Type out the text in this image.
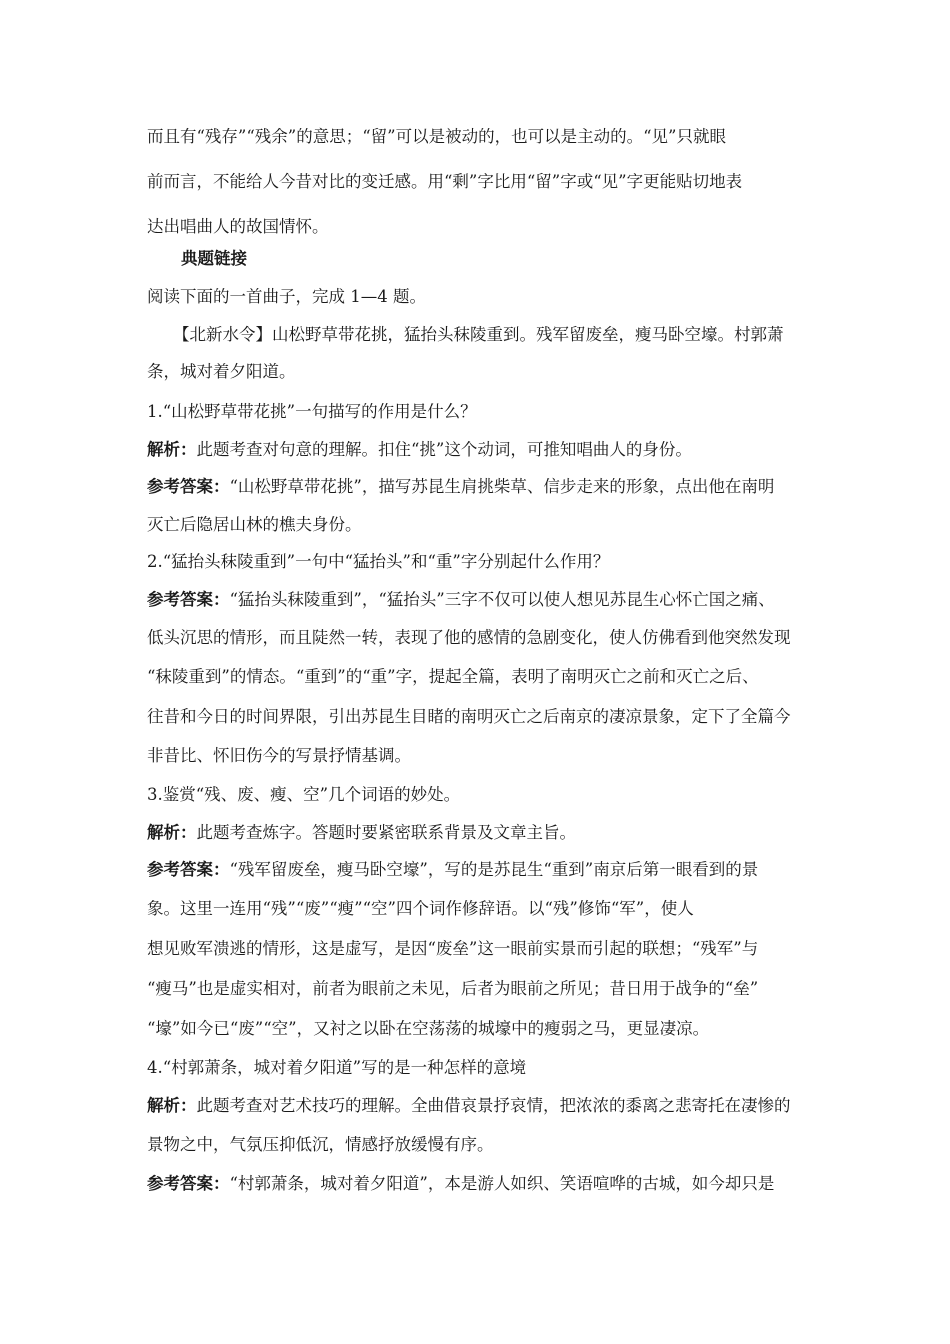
而且有“残存”“残余”的意思；“留”可以是被动的，也可以是主动的。“见”只就眼
前而言，不能给人今昔对比的变迁感。用“剩”字比用“留”字或“见”字更能贴切地表
达出唱曲人的故国情怀。
典题链接
阅读下面的一首曲子，完成 1—4 题。
【北新水令】山松野草带花挑，猛抬头秣陵重到。残军留废垒，瘦马卧空壕。村郭萧
条，城对着夕阳道。
1.“山松野草带花挑”一句描写的作用是什么？
解析：此题考查对句意的理解。扣住“挑”这个动词，可推知唱曲人的身份。
参考答案：“山松野草带花挑”，描写苏昆生肩挑柴草、信步走来的形象，点出他在南明
灭亡后隐居山林的樵夫身份。
2.“猛抬头秣陵重到”一句中“猛抬头”和“重”字分别起什么作用？
参考答案：“猛抬头秣陵重到”，“猛抬头”三字不仅可以使人想见苏昆生心怀亡国之痛、
低头沉思的情形，而且陡然一转，表现了他的感情的急剧变化，使人仿佛看到他突然发现
“秣陵重到”的情态。“重到”的“重”字，提起全篇，表明了南明灭亡之前和灭亡之后、
往昔和今日的时间界限，引出苏昆生目睹的南明灭亡之后南京的凄凉景象，定下了全篇今
非昔比、怀旧伤今的写景抒情基调。
3.鉴赏“残、废、瘦、空”几个词语的妙处。
解析：此题考查炼字。答题时要紧密联系背景及文章主旨。
参考答案：“残军留废垒，瘦马卧空壕”，写的是苏昆生“重到”南京后第一眼看到的景
象。这里一连用“残”“废”“瘦”“空”四个词作修辞语。以“残”修饰“军”，使人
想见败军溃逃的情形，这是虚写，是因“废垒”这一眼前实景而引起的联想；“残军”与
“瘦马”也是虚实相对，前者为眼前之未见，后者为眼前之所见；昔日用于战争的“垒”
“壕”如今已“废”“空”，又衬之以卧在空荡荡的城壕中的瘦弱之马，更显凄凉。
4.“村郭萧条，城对着夕阳道”写的是一种怎样的意境
解析：此题考查对艺术技巧的理解。全曲借哀景抒哀情，把浓浓的黍离之悲寄托在凄惨的
景物之中，气氛压抑低沉，情感抒放缓慢有序。
参考答案：“村郭萧条，城对着夕阳道”，本是游人如织、笑语喧哗的古城，如今却只是
